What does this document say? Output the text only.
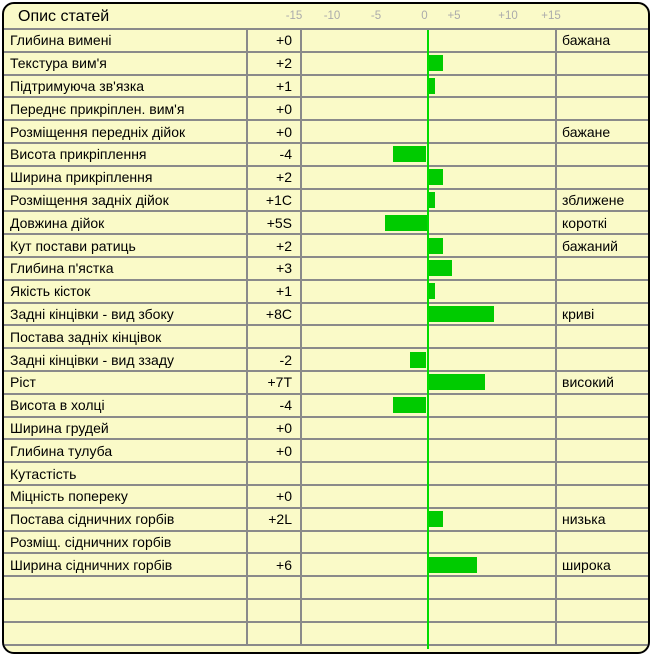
Опис статей	-15 -10	-5	0 +5	+10 +15
Глибина вимені	+0	бажана
Текстура вим'я	+2
Підтримуюча зв'язка	+1
Переднє прикріплен. вим'я	+0
Розміщення передніх дійок	+0	бажане
Висота прикріплення	-4
Ширина прикріплення	+2
Розміщення задніх дійок	+1C	зближене
Довжина дійок	+5S	короткі
Кут постави ратиць	+2	бажаний
Глибина п'ястка	+3
Якість кісток	+1
Задні кінцівки - вид збоку	+8C	криві
Постава задніх кінцівок
Задні кінцівки - вид ззаду	-2
Ріст	+7T	високий
Висота в холці	-4
Ширина грудей	+0
Глибина тулуба	+0
Кутастість
Міцність попереку	+0
Постава сідничних горбів	+2L	низька
Розміщ. сідничних горбів
Ширина сідничних горбів	+6	широка
